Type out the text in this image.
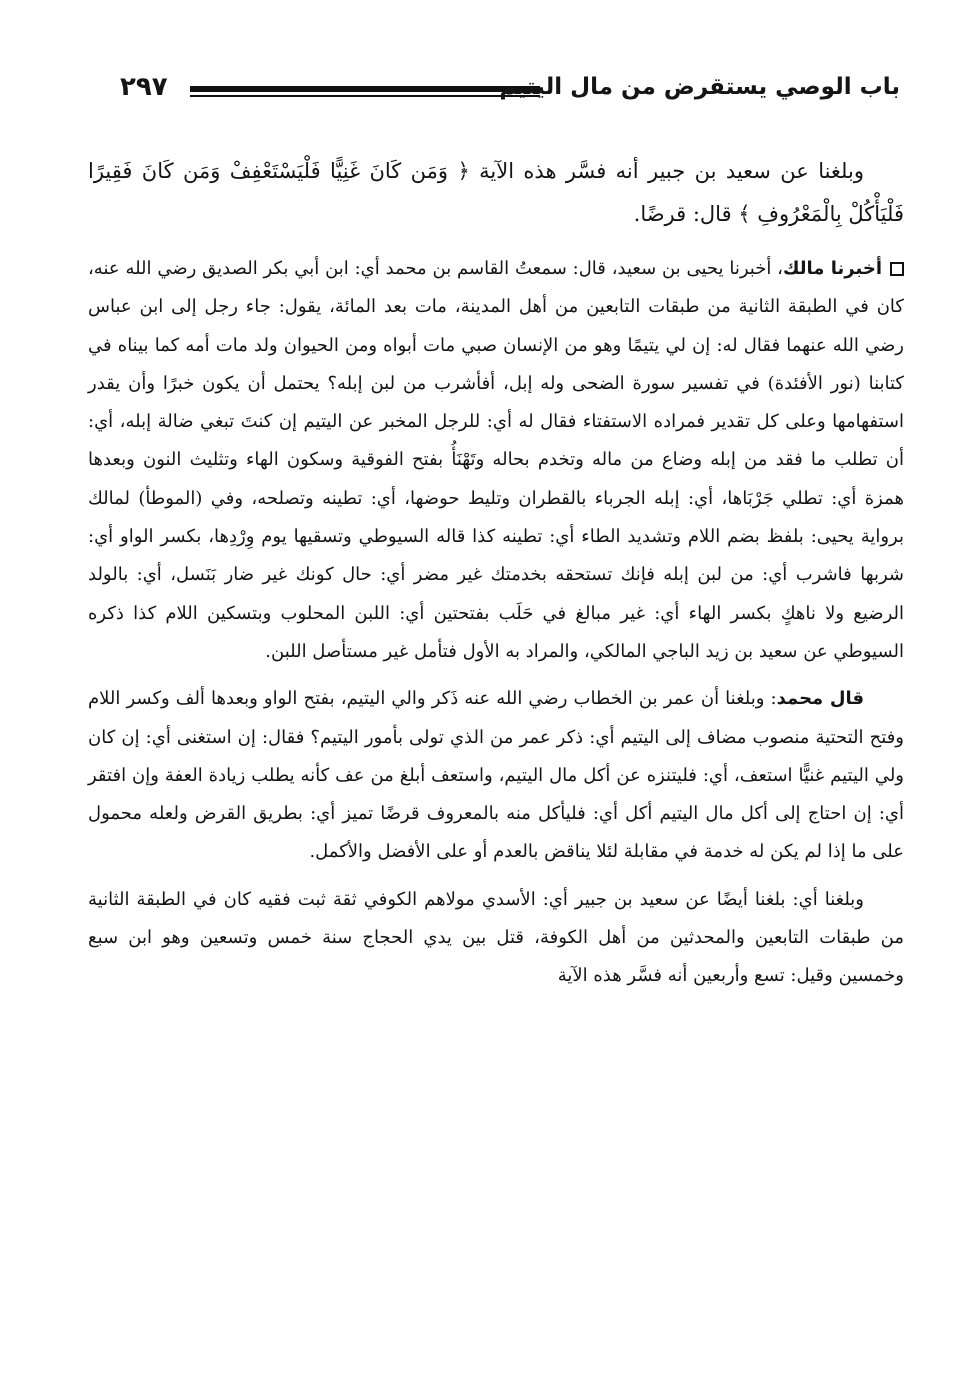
٢٩٧	باب الوصي يستقرض من مال اليتيم

وبلغنا عن سعيد بن جبير أنه فسَّر هذه الآية ﴿ وَمَن كَانَ غَنِيًّا فَلْيَسْتَعْفِفْ وَمَن كَانَ فَقِيرًا فَلْيَأْكُلْ بِالْمَعْرُوفِ ﴾ قال: قرضًا.

أخبرنا مالك، أخبرنا يحيى بن سعيد، قال: سمعتُ القاسم بن محمد أي: ابن أبي بكر الصديق رضي الله عنه، كان في الطبقة الثانية من طبقات التابعين من أهل المدينة، مات بعد المائة، يقول: جاء رجل إلى ابن عباس رضي الله عنهما فقال له: إن لي يتيمًا وهو من الإنسان صبي مات أبواه ومن الحيوان ولد مات أمه كما بيناه في كتابنا (نور الأفئدة) في تفسير سورة الضحى وله إبل، أفأشرب من لبن إبله؟ يحتمل أن يكون خبرًا وأن يقدر استفهامها وعلى كل تقدير فمراده الاستفتاء فقال له أي: للرجل المخبر عن اليتيم إن كنتَ تبغي ضالة إبله، أي: أن تطلب ما فقد من إبله وضاع من ماله وتخدم بحاله وتَهْنَأُ بفتح الفوقية وسكون الهاء وتثليث النون وبعدها همزة أي: تطلي جَرْبَاها، أي: إبله الجرباء بالقطران وتليط حوضها، أي: تطينه وتصلحه، وفي (الموطأ) لمالك برواية يحيى: بلفظ بضم اللام وتشديد الطاء أي: تطينه كذا قاله السيوطي وتسقيها يوم وِرْدِها، بكسر الواو أي: شربها فاشرب أي: من لبن إبله فإنك تستحقه بخدمتك غير مضر أي: حال كونك غير ضار بَنَسل، أي: بالولد الرضيع ولا ناهكٍ بكسر الهاء أي: غير مبالغ في حَلَب بفتحتين أي: اللبن المحلوب وبتسكين اللام كذا ذكره السيوطي عن سعيد بن زيد الباجي المالكي، والمراد به الأول فتأمل غير مستأصل اللبن.

قال محمد: وبلغنا أن عمر بن الخطاب رضي الله عنه ذَكر والي اليتيم، بفتح الواو وبعدها ألف وكسر اللام وفتح التحتية منصوب مضاف إلى اليتيم أي: ذكر عمر من الذي تولى بأمور اليتيم؟ فقال: إن استغنى أي: إن كان ولي اليتيم غنيًّا استعف، أي: فليتنزه عن أكل مال اليتيم، واستعف أبلغ من عف كأنه يطلب زيادة العفة وإن افتقر أي: إن احتاج إلى أكل مال اليتيم أكل أي: فليأكل منه بالمعروف قرضًا تميز أي: بطريق القرض ولعله محمول على ما إذا لم يكن له خدمة في مقابلة لئلا يناقض بالعدم أو على الأفضل والأكمل.

وبلغنا أي: بلغنا أيضًا عن سعيد بن جبير أي: الأسدي مولاهم الكوفي ثقة ثبت فقيه كان في الطبقة الثانية من طبقات التابعين والمحدثين من أهل الكوفة، قتل بين يدي الحجاج سنة خمس وتسعين وهو ابن سبع وخمسين وقيل: تسع وأربعين أنه فسَّر هذه الآية
